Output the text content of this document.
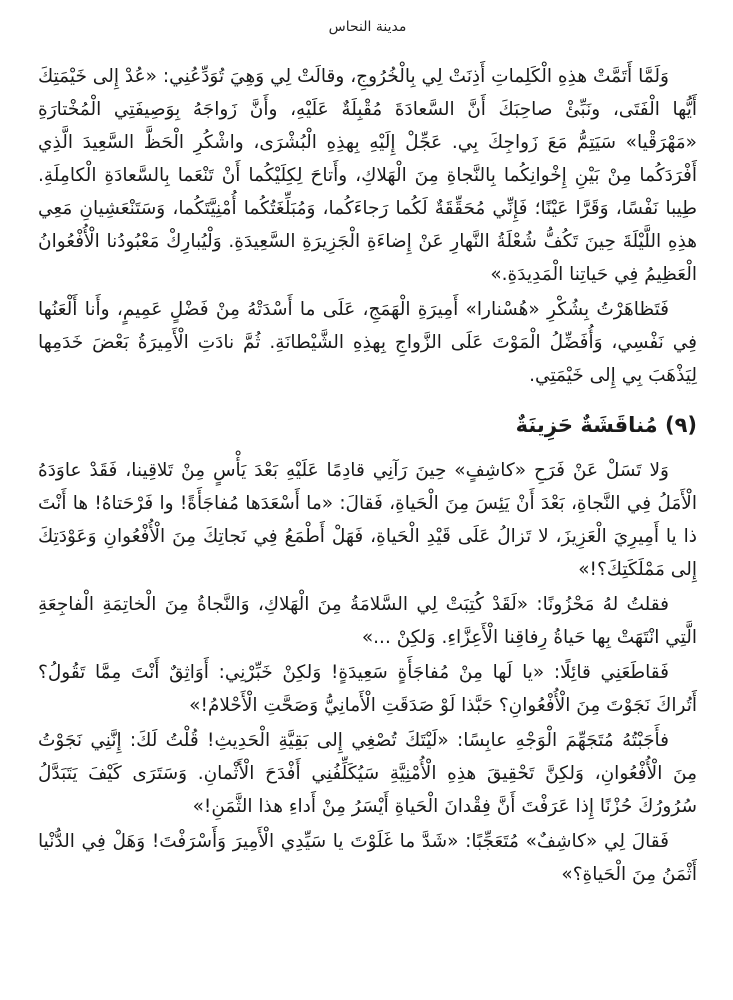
مدينة النحاس

وَلَمَّا أَتَمَّتْ هذِهِ الْكَلِماتِ أَذِنَتْ لِي بِالْخُرُوجِ، وقالَتْ لِي وَهِيَ تُوَدِّعُنِي: «عُدْ إِلى خَيْمَتِكَ أَيُّها الْفَتَى، ونَبِّئْ صاحِبَكَ أَنَّ السَّعادَةَ مُقْبِلَةٌ عَلَيْهِ، وأَنَّ زَواجَهُ بِوَصِيفَتِي الْمُخْتارَةِ «مَهْرَقْيا» سَيَتِمُّ مَعَ زَواجِكَ بِي. عَجِّلْ إِلَيْهِ بِهذِهِ الْبُشْرَى، واشْكُرِ الْحَظَّ السَّعِيدَ الَّذِي أَفْرَدَكُما مِنْ بَيْنِ إِخْوانِكُما بِالنَّجاةِ مِنَ الْهَلاكِ، وأَتاحَ لِكِلَيْكُما أَنْ تَنْعَما بِالسَّعادَةِ الْكامِلَةِ. طِيبا نَفْسًا، وَقَرَّا عَيْنًا؛ فَإِنِّي مُحَقِّقَةٌ لَكُما رَجاءَكُما، وَمُبَلِّغَتُكُما أُمْنِيَّتَكُما، وَسَتَنْعَشِيانِ مَعِي هذِهِ اللَّيْلَةَ حِينَ تَكُفُّ شُعْلَةُ النَّهارِ عَنْ إِضاءَةِ الْجَزِيرَةِ السَّعِيدَةِ. وَلْيُبارِكْ مَعْبُودُنا الْأُفْعُوانُ الْعَظِيمُ فِي حَياتِنا الْمَدِيدَةِ.»

فَتَظاهَرْتُ بِشُكْرِ «هُسْنارا» أَمِيرَةِ الْهَمَجِ، عَلَى ما أَسْدَتْهُ مِنْ فَضْلٍ عَمِيمٍ، وأَنا أَلْعَنُها فِي نَفْسِي، وَأُفَضِّلُ الْمَوْتَ عَلَى الزَّواجِ بِهذِهِ الشَّيْطانَةِ. ثُمَّ نادَتِ الْأَمِيرَةُ بَعْضَ خَدَمِها لِيَذْهَبَ بِي إِلى خَيْمَتِي.

(٩) مُناقَشَةٌ حَزِينَةٌ

وَلا تَسَلْ عَنْ فَرَحِ «كاشِفٍ» حِينَ رَآنِي قادِمًا عَلَيْهِ بَعْدَ يَأْسٍ مِنْ تَلاقِينا، فَقَدْ عاوَدَهُ الْأَمَلُ فِي النَّجاةِ، بَعْدَ أَنْ يَئِسَ مِنَ الْحَياةِ، فَقالَ: «ما أَسْعَدَها مُفاجَأَةً! وا فَرْحَتاهُ! ها أَنْتَ ذا يا أَمِيرِيَ الْعَزِيزَ، لا تَزالُ عَلَى قَيْدِ الْحَياةِ، فَهَلْ أَطْمَعُ فِي نَجاتِكَ مِنَ الْأُفْعُوانِ وَعَوْدَتِكَ إِلى مَمْلَكَتِكَ؟!»

فقلتُ لهُ مَحْزُونًا: «لَقَدْ كُتِبَتْ لِي السَّلامَةُ مِنَ الْهَلاكِ، وَالنَّجاةُ مِنَ الْخاتِمَةِ الْفاجِعَةِ الَّتِي انْتَهَتْ بِها حَياةُ رِفاقِنا الْأَعِزَّاءِ. وَلكِنْ ...»

فَقاطَعَنِي قائِلًا: «يا لَها مِنْ مُفاجَأَةٍ سَعِيدَةٍ! وَلكِنْ خَبِّرْنِي: أَوَاثِقٌ أَنْتَ مِمَّا تَقُولُ؟ أَتُراكَ نَجَوْتَ مِنَ الْأُفْعُوانِ؟ حَبَّذا لَوْ صَدَقَتِ الْأَمانِيُّ وَصَحَّتِ الْأَحْلامُ!»

فأَجَبْتُهُ مُتَجَهِّمَ الْوَجْهِ عابِسًا: «لَيْتَكَ تُصْغِي إِلى بَقِيَّةِ الْحَدِيثِ! قُلْتُ لَكَ: إِنَّنِي نَجَوْتُ مِنَ الْأُفْعُوانِ، وَلكِنَّ تَحْقِيقَ هذِهِ الْأُمْنِيَّةِ سَيُكَلِّفُنِي أَفْدَحَ الْأَثْمانِ. وَسَتَرَى كَيْفَ يَتَبَدَّلُ سُرُورُكَ حُزْنًا إِذا عَرَفْتَ أَنَّ فِقْدانَ الْحَياةِ أَيْسَرُ مِنْ أَداءِ هذا الثَّمَنِ!»

فَقالَ لِي «كاشِفٌ» مُتَعَجِّبًا: «شَدَّ ما غَلَوْتَ يا سَيِّدِي الْأَمِيرَ وَأَسْرَفْتَ! وَهَلْ فِي الدُّنْيا أَثْمَنُ مِنَ الْحَياةِ؟»
